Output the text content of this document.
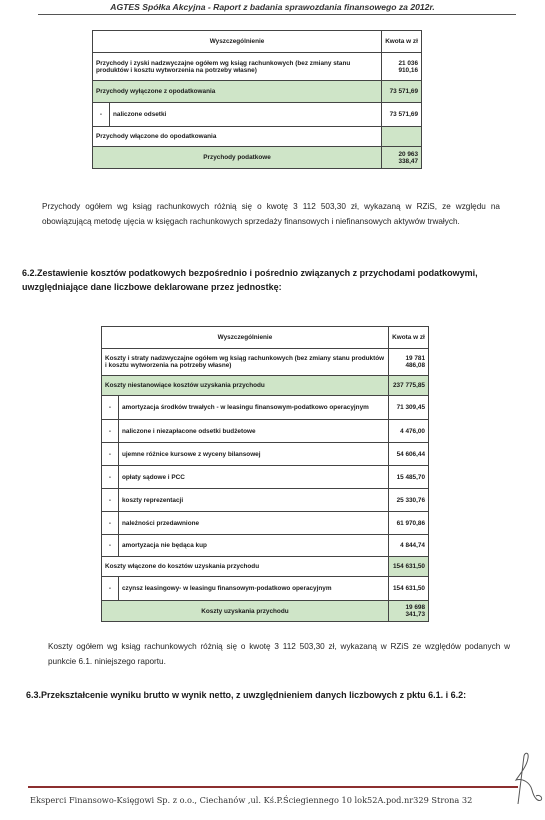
AGTES Spółka Akcyjna - Raport z badania sprawozdania finansowego za 2012r.
Wyszczególnienie		Kwota w zł
Przychody i zyski nadzwyczajne ogółem wg ksiąg rachunkowych (bez zmiany stanu produktów i kosztu wytworzenia na potrzeby własne)		21 036 910,16
Przychody wyłączone z opodatkowania		73 571,69
-	naliczone odsetki	73 571,69
Przychody włączone do opodatkowania		
Przychody podatkowe		20 963 338,47
Przychody ogółem wg ksiąg rachunkowych różnią się o kwotę 3 112 503,30 zł, wykazaną w RZiS, ze względu na obowiązującą metodę ujęcia w księgach rachunkowych sprzedaży finansowych i niefinansowych aktywów trwałych.
6.2.Zestawienie kosztów podatkowych bezpośrednio i pośrednio związanych z przychodami podatkowymi, uwzględniające dane liczbowe deklarowane przez jednostkę:
Wyszczególnienie		Kwota w zł
Koszty i straty nadzwyczajne ogółem wg ksiąg rachunkowych (bez zmiany stanu produktów i kosztu wytworzenia na potrzeby własne)		19 781 486,08
Koszty niestanowiące kosztów uzyskania przychodu		237 775,85
-	amortyzacja środków trwałych - w leasingu finansowym-podatkowo operacyjnym	71 309,45
-	naliczone i niezapłacone odsetki budżetowe	4 476,00
-	ujemne różnice kursowe z wyceny bilansowej	54 606,44
-	opłaty sądowe i PCC	15 485,70
-	koszty reprezentacji	25 330,76
-	należności przedawnione	61 970,86
-	amortyzacja nie będąca kup	4 844,74
Koszty włączone do kosztów uzyskania przychodu		154 631,50
-	czynsz leasingowy- w leasingu finansowym-podatkowo operacyjnym	154 631,50
Koszty uzyskania przychodu		19 698 341,73
Koszty ogółem wg ksiąg rachunkowych różnią się o kwotę 3 112 503,30 zł, wykazaną w RZiS ze względów podanych w punkcie 6.1. niniejszego raportu.
6.3.Przekształcenie wyniku brutto w wynik netto, z uwzględnieniem danych liczbowych z pktu 6.1. i 6.2:
Eksperci Finansowo-Księgowi Sp. z o.o., Ciechanów ,ul. Kś.P.Ściegiennego 10 lok52A.pod.nr329 Strona 32
